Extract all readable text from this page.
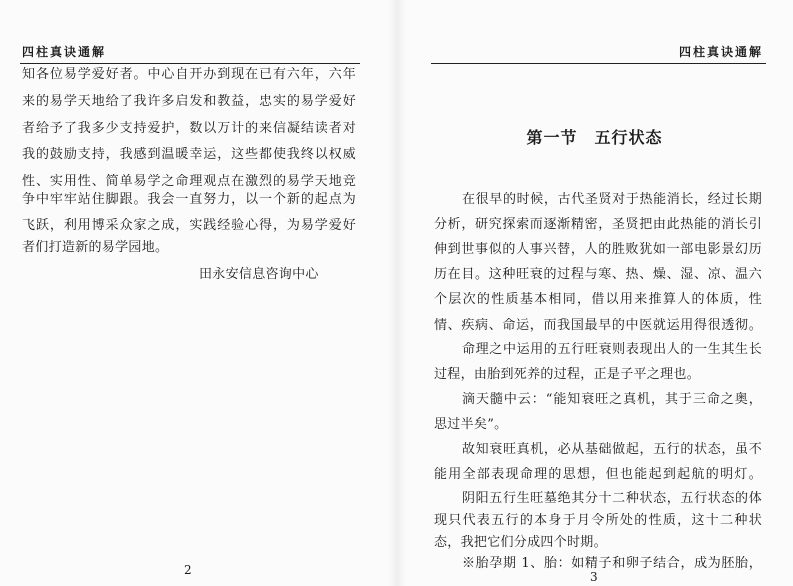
四柱真诀通解
知各位易学爱好者。中心自开办到现在已有六年，六年
来的易学天地给了我许多启发和教益，忠实的易学爱好
者给予了我多少支持爱护，数以万计的来信凝结读者对
我的鼓励支持，我感到温暖幸运，这些都使我终以权威
性、实用性、简单易学之命理观点在激烈的易学天地竞
争中牢牢站住脚跟。我会一直努力，以一个新的起点为
飞跃，利用博采众家之成，实践经验心得，为易学爱好
者们打造新的易学园地。
田永安信息咨询中心
2
四柱真诀通解
第一节　五行状态
在很早的时候，古代圣贤对于热能消长，经过长期
分析，研究探索而逐渐精密，圣贤把由此热能的消长引
伸到世事似的人事兴替，人的胜败犹如一部电影景幻历
历在目。这种旺衰的过程与寒、热、燥、湿、凉、温六
个层次的性质基本相同，借以用来推算人的体质，性
情、疾病、命运，而我国最早的中医就运用得很透彻。
命理之中运用的五行旺衰则表现出人的一生其生长
过程，由胎到死养的过程，正是子平之理也。
滴天髓中云：“能知衰旺之真机，其于三命之奥，
思过半矣”。
故知衰旺真机，必从基础做起，五行的状态，虽不
能用全部表现命理的思想，但也能起到起航的明灯。
阴阳五行生旺墓绝其分十二种状态，五行状态的体
现只代表五行的本身于月令所处的性质，这十二种状
态，我把它们分成四个时期。
※胎孕期 1、胎：如精子和卵子结合，成为胚胎，
3
